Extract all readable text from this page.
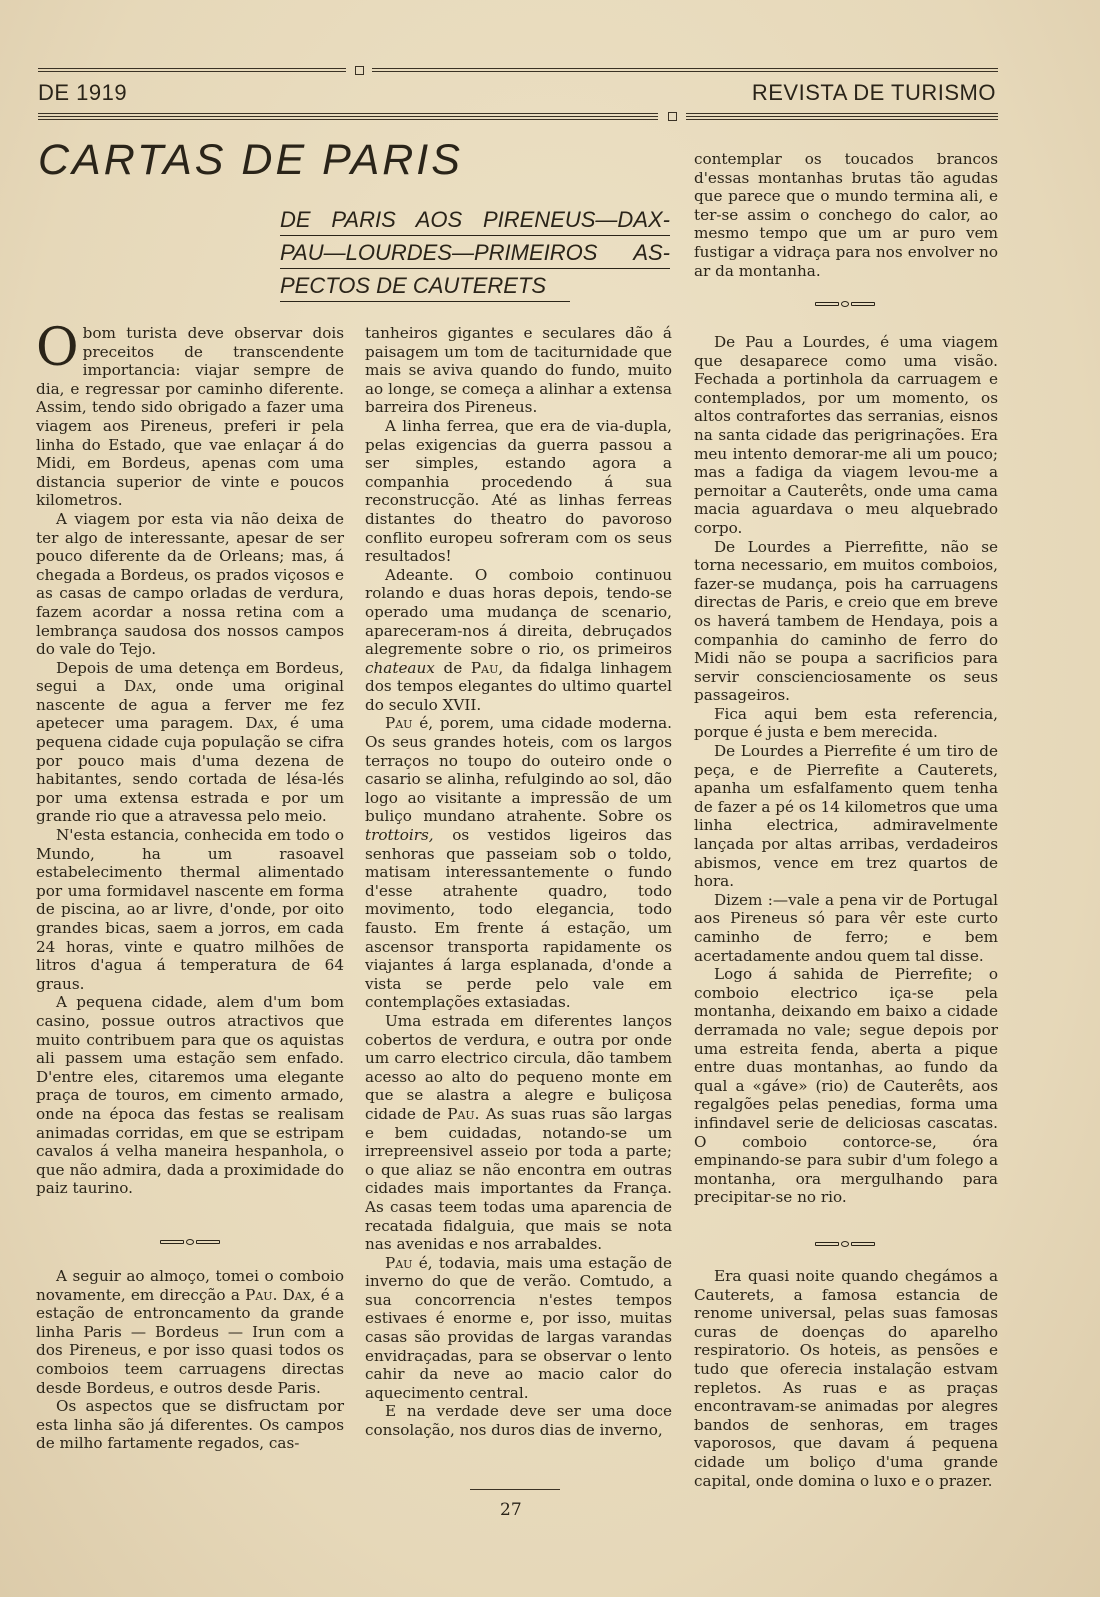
DE 1919	REVISTA DE TURISMO
CARTAS DE PARIS
DE PARIS AOS PIRENEUS—DAX-
PAU—LOURDES—PRIMEIROS AS-
PECTOS DE CAUTERETS

Obom turista deve observar dois preceitos de transcendente importancia: viajar sempre de dia, e regressar por caminho diferente. Assim, tendo sido obrigado a fazer uma viagem aos Pireneus, preferi ir pela linha do Estado, que vae enlaçar á do Midi, em Bordeus, apenas com uma distancia superior de vinte e poucos kilometros.

A viagem por esta via não deixa de ter algo de interessante, apesar de ser pouco diferente da de Orleans; mas, á chegada a Bordeus, os prados viçosos e as casas de campo orladas de verdura, fazem acordar a nossa retina com a lembrança saudosa dos nossos campos do vale do Tejo.

Depois de uma detença em Bordeus, segui a Dax, onde uma original nascente de agua a ferver me fez apetecer uma paragem. Dax, é uma pequena cidade cuja população se cifra por pouco mais d'uma dezena de habitantes, sendo cortada de lésa-lés por uma extensa estrada e por um grande rio que a atravessa pelo meio.

N'esta estancia, conhecida em todo o Mundo, ha um rasoavel estabelecimento thermal alimentado por uma formidavel nascente em forma de piscina, ao ar livre, d'onde, por oito grandes bicas, saem a jorros, em cada 24 horas, vinte e quatro milhões de litros d'agua á temperatura de 64 graus.

A pequena cidade, alem d'um bom casino, possue outros atractivos que muito contribuem para que os aquistas ali passem uma estação sem enfado. D'entre eles, citaremos uma elegante praça de touros, em cimento armado, onde na época das festas se realisam animadas corridas, em que se estripam cavalos á velha maneira hespanhola, o que não admira, dada a proximidade do paiz taurino.

A seguir ao almoço, tomei o comboio novamente, em direcção a Pau. Dax, é a estação de entroncamento da grande linha Paris — Bordeus — Irun com a dos Pireneus, e por isso quasi todos os comboios teem carruagens directas desde Bordeus, e outros desde Paris.

Os aspectos que se disfructam por esta linha são já diferentes. Os campos de milho fartamente regados, cas-

tanheiros gigantes e seculares dão á paisagem um tom de taciturnidade que mais se aviva quando do fundo, muito ao longe, se começa a alinhar a extensa barreira dos Pireneus.

A linha ferrea, que era de via-dupla, pelas exigencias da guerra passou a ser simples, estando agora a companhia procedendo á sua reconstrucção. Até as linhas ferreas distantes do theatro do pavoroso conflito europeu sofreram com os seus resultados!

Adeante. O comboio continuou rolando e duas horas depois, tendo-se operado uma mudança de scenario, apareceram-nos á direita, debruçados alegremente sobre o rio, os primeiros chateaux de Pau, da fidalga linhagem dos tempos elegantes do ultimo quartel do seculo XVII.

Pau é, porem, uma cidade moderna. Os seus grandes hoteis, com os largos terraços no toupo do outeiro onde o casario se alinha, refulgindo ao sol, dão logo ao visitante a impressão de um buliço mundano atrahente. Sobre os trottoirs, os vestidos ligeiros das senhoras que passeiam sob o toldo, matisam interessantemente o fundo d'esse atrahente quadro, todo movimento, todo elegancia, todo fausto. Em frente á estação, um ascensor transporta rapidamente os viajantes á larga esplanada, d'onde a vista se perde pelo vale em contemplações extasiadas.

Uma estrada em diferentes lanços cobertos de verdura, e outra por onde um carro electrico circula, dão tambem acesso ao alto do pequeno monte em que se alastra a alegre e buliçosa cidade de Pau. As suas ruas são largas e bem cuidadas, notando-se um irrepreensivel asseio por toda a parte; o que aliaz se não encontra em outras cidades mais importantes da França. As casas teem todas uma aparencia de recatada fidalguia, que mais se nota nas avenidas e nos arrabaldes.

Pau é, todavia, mais uma estação de inverno do que de verão. Comtudo, a sua concorrencia n'estes tempos estivaes é enorme e, por isso, muitas casas são providas de largas varandas envidraçadas, para se observar o lento cahir da neve ao macio calor do aquecimento central.

E na verdade deve ser uma doce consolação, nos duros dias de inverno,

contemplar os toucados brancos d'essas montanhas brutas tão agudas que parece que o mundo termina ali, e ter-se assim o conchego do calor, ao mesmo tempo que um ar puro vem fustigar a vidraça para nos envolver no ar da montanha.

De Pau a Lourdes, é uma viagem que desaparece como uma visão. Fechada a portinhola da carruagem e contemplados, por um momento, os altos contrafortes das serranias, eisnos na santa cidade das perigrinações. Era meu intento demorar-me ali um pouco; mas a fadiga da viagem levou-me a pernoitar a Cauterêts, onde uma cama macia aguardava o meu alquebrado corpo.

De Lourdes a Pierrefitte, não se torna necessario, em muitos comboios, fazer-se mudança, pois ha carruagens directas de Paris, e creio que em breve os haverá tambem de Hendaya, pois a companhia do caminho de ferro do Midi não se poupa a sacrificios para servir conscienciosamente os seus passageiros.

Fica aqui bem esta referencia, porque é justa e bem merecida.

De Lourdes a Pierrefite é um tiro de peça, e de Pierrefite a Cauterets, apanha um esfalfamento quem tenha de fazer a pé os 14 kilometros que uma linha electrica, admiravelmente lançada por altas arribas, verdadeiros abismos, vence em trez quartos de hora.

Dizem :—vale a pena vir de Portugal aos Pireneus só para vêr este curto caminho de ferro; e bem acertadamente andou quem tal disse.

Logo á sahida de Pierrefite; o comboio electrico iça-se pela montanha, deixando em baixo a cidade derramada no vale; segue depois por uma estreita fenda, aberta a pique entre duas montanhas, ao fundo da qual a «gáve» (rio) de Cauterêts, aos regalgões pelas penedias, forma uma infindavel serie de deliciosas cascatas. O comboio contorce-se, óra empinando-se para subir d'um folego a montanha, ora mergulhando para precipitar-se no rio.

Era quasi noite quando chegámos a Cauterets, a famosa estancia de renome universal, pelas suas famosas curas de doenças do aparelho respiratorio. Os hoteis, as pensões e tudo que oferecia instalação estvam repletos. As ruas e as praças encontravam-se animadas por alegres bandos de senhoras, em trages vaporosos, que davam á pequena cidade um boliço d'uma grande capital, onde domina o luxo e o prazer.

27
